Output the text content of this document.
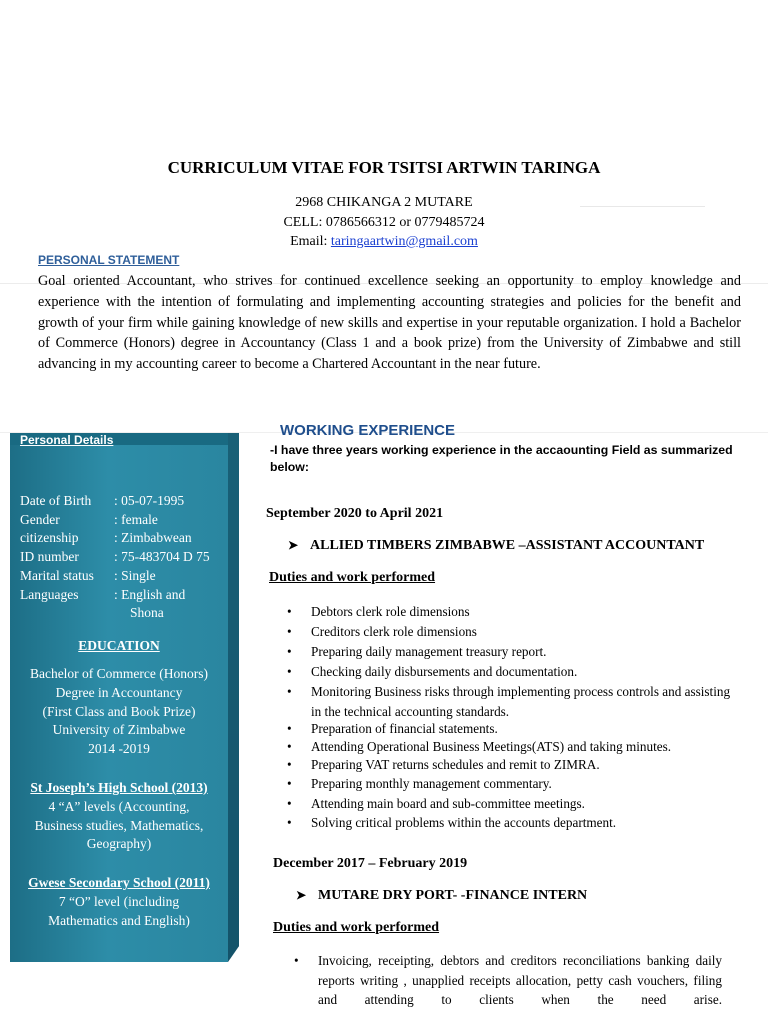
CURRICULUM VITAE FOR TSITSI ARTWIN TARINGA
2968 CHIKANGA 2 MUTARE
CELL: 0786566312 or 0779485724
Email: taringaartwin@gmail.com
PERSONAL STATEMENT
Goal oriented Accountant, who strives for continued excellence seeking an opportunity to employ knowledge and experience with the intention of formulating and implementing accounting strategies and policies for the benefit and growth of your firm while gaining knowledge of new skills and expertise in your reputable organization. I hold a Bachelor of Commerce (Honors) degree in Accountancy (Class 1 and a book prize) from the University of Zimbabwe and still advancing in my accounting career to become a Chartered Accountant in the near future.
Personal Details
Date of Birth	: 05-07-1995
Gender	: female
citizenship	: Zimbabwean
ID number	: 75-483704 D 75
Marital status	: Single
Languages	: English and
Shona
EDUCATION
Bachelor of Commerce (Honors)
Degree in Accountancy
(First Class and Book Prize)
University of Zimbabwe
2014 -2019
St Joseph’s High School (2013)
4 “A” levels (Accounting,
Business studies, Mathematics,
Geography)
Gwese Secondary School (2011)
7 “O” level (including
Mathematics and English)
WORKING EXPERIENCE
-I have three years working experience in the accaounting Field as summarized below:
September 2020 to April 2021
➤ ALLIED TIMBERS ZIMBABWE –ASSISTANT ACCOUNTANT
Duties and work performed
• Debtors clerk role dimensions
• Creditors clerk role dimensions
• Preparing daily management treasury report.
• Checking daily disbursements and documentation.
• Monitoring Business risks through implementing process controls and assisting in the technical accounting standards.
• Preparation of financial statements.
• Attending Operational Business Meetings(ATS) and taking minutes.
• Preparing VAT returns schedules and remit to ZIMRA.
• Preparing monthly management commentary.
• Attending main board and sub-committee meetings.
• Solving critical problems within the accounts department.
December 2017 – February 2019
➤ MUTARE DRY PORT- -FINANCE INTERN
Duties and work performed
• Invoicing, receipting, debtors and creditors reconciliations banking daily reports writing , unapplied receipts allocation, petty cash vouchers, filing and attending to clients when the need arise.
